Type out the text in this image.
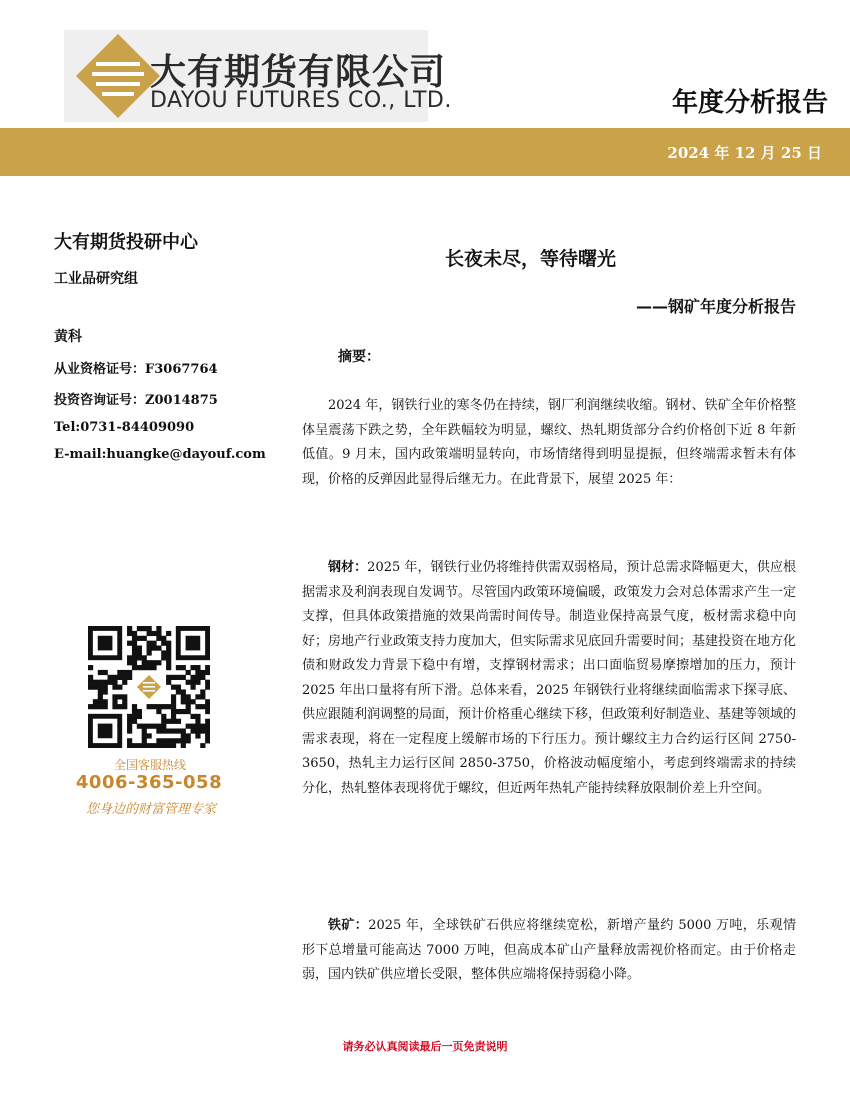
大有期货有限公司
DAYOU FUTURES CO., LTD.	年度分析报告
2024 年 12 月 25 日
大有期货投研中心
工业品研究组
黄科
从业资格证号：F3067764
投资咨询证号：Z0014875
Tel:0731-84409090
E-mail:huangke@dayouf.com
全国客服热线
4006-365-058
您身边的财富管理专家
长夜未尽，等待曙光
——钢矿年度分析报告
摘要：

2024 年，钢铁行业的寒冬仍在持续，钢厂利润继续收缩。钢材、铁矿全年价格整体呈震荡下跌之势，全年跌幅较为明显，螺纹、热轧期货部分合约价格创下近 8 年新低值。9 月末，国内政策端明显转向，市场情绪得到明显提振，但终端需求暂未有体现，价格的反弹因此显得后继无力。在此背景下，展望 2025 年：

钢材：2025 年，钢铁行业仍将维持供需双弱格局，预计总需求降幅更大，供应根据需求及利润表现自发调节。尽管国内政策环境偏暖，政策发力会对总体需求产生一定支撑，但具体政策措施的效果尚需时间传导。制造业保持高景气度，板材需求稳中向好；房地产行业政策支持力度加大，但实际需求见底回升需要时间；基建投资在地方化债和财政发力背景下稳中有增，支撑钢材需求；出口面临贸易摩擦增加的压力，预计 2025 年出口量将有所下滑。总体来看，2025 年钢铁行业将继续面临需求下探寻底、供应跟随利润调整的局面，预计价格重心继续下移，但政策利好制造业、基建等领域的需求表现，将在一定程度上缓解市场的下行压力。预计螺纹主力合约运行区间 2750-3650，热轧主力运行区间 2850-3750，价格波动幅度缩小，考虑到终端需求的持续分化，热轧整体表现将优于螺纹，但近两年热轧产能持续释放限制价差上升空间。

铁矿：2025 年，全球铁矿石供应将继续宽松，新增产量约 5000 万吨，乐观情形下总增量可能高达 7000 万吨，但高成本矿山产量释放需视价格而定。由于价格走弱，国内铁矿供应增长受限，整体供应端将保持弱稳小降。

请务必认真阅读最后一页免责说明
